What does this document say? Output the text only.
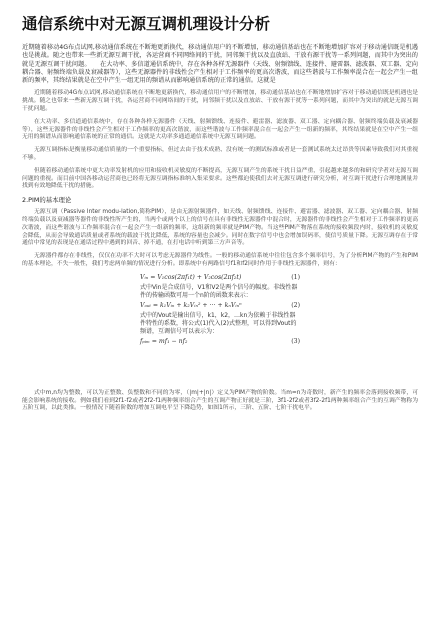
通信系统中对无源互调机理设计分析

近期随着移动4G布点试网,移动通信系统在不断地更新换代，移动通信用户的不断增加，移动通信基站也在不断地增加扩容对于移动通信既是机遇也是挑战。随之也带来一些新无源互调干扰，各运营商不同网络间的干扰，同邻频干扰以及直放站、干放有源干扰等一系列问题，而其中为突出的就是无源互调干扰问题。　　在大功率、多信道通信系统中，存在各种各样无源器件（天线、射频馈线、连接件、避雷器、滤波器、双工器、定向耦合器、射频终端负载及衰减器等），这些无源器件的非线性会产生相对于工作频率的更高次谐波，而这些谐波与工作频率混合在一起会产生一组新的频率，其终结果就是在空中产生一组无用的频谱从而影响通信系统的正常的通信。这就是

近期随着移动4G布点试网,移动通信系统在不断地更新换代，移动通信用户的不断增加，移动通信基站也在不断地增加扩容对于移动通信既是机遇也是挑战。随之也带来一些新无源互调干扰，各运营商不同网络间的干扰，同邻频干扰以及直放站、干放有源干扰等一系列问题，而其中为突出的就是无源互调干扰问题。

在大功率、多信道通信系统中，存在各种各样无源器件（天线、射频馈线、连接件、避雷器、滤波器、双工器、定向耦合器、射频终端负载及衰减器等），这些无源器件的非线性会产生相对于工作频率的更高次谐波，而这些谐波与工作频率混合在一起会产生一组新的频率，其终结果就是在空中产生一组无用的频谱从而影响通信系统的正常的通信。这就是大功率多通道通信系统中无源互调问题。

无源互调指标是衡量移动通信质量的一个重要指标，但过去由于技术成熟、没有统一的测试标准或者是一套测试系统太过昂贵等因素导致我们对其重视不够。

但随着移动通信系统中更大功率发射机的应用和接收机灵敏度的不断提高，无源互调产生的系统干扰日益严重，引起越来越多的和研究学者对无源互调问题的重视。而目前中国各移动运营商也已经将无源互调指标准纳入集采要求。这些都迫使我们去对无源互调进行研究分析，对互调干扰进行合理地测量并找到有效地降低干扰的措施。

2.PIM的基本理论

无源互调（Passive Inter modu-lation,简称PIM），是由无源射频器件，如天线、射频馈线、连接件、避雷器、滤波器、双工器、定向耦合器、射频终端负载以及衰减器等器件的非线性所产生的，当两个或两个以上的信号在具有非线性无源器件中混合时，无源器件的非线性会产生相对于工作频率的更高次谐波，而这些谐波与工作频率混合在一起会产生一组新的频率，这组新的频率就是PIM产物。当这些PIM产物落在系统的接收频段内时，接收机的灵敏度会降低，从而会导致通话质量或者系统的载波干扰比降低，系统的容量也会减少。同时在数字信号中也会增加误码率，使信号质量下降。无源互调存在于常通信中常见的表现是在通话过程中遇到的回音、掉不通，在打电话中听到第三方声音等。

无源器件都存在非线性，仅仅在功率不大时可以考虑无源器件为线性。一般的移动通信系统中往往包含多个频率信号，为了分析PIM产物的产生和PIM的基本理论，不失一般性，我们考虑两单频的情况进行分析。即系统中有两路信号f1和f2同时作用于非线性无源器件，则有：

Vᵢₙ = V₁cos(2πf₁t) + V₂cos(2πf₂t)	(1)
式中Vin是合成信号，V1和V2是两个信号的幅度。非线性器件的传输函数可用一个n阶的函数来表示：
Vₒᵤₜ = k₁Vᵢₙ + k₂Vᵢₙ² + ··· + kₙVᵢₙⁿ	(2)
式中的Vout是输出信号，k1，k2，…kn为依赖于非线性器件特性的系数，将公式(1)代入(2)式整理，可以得到Vout的频谱，互调信号可以表示为：
fₚᵢₘ = mf₁ − nf₂	(3)

式中m,n均为整数，可以为正整数、负整数和不同的为零，（|m|+|n|）定义为PIM产物的阶数。当m=n为奇数时，新产生的频率会落到接收频带，可能会影响系统的接收。例如我们看到2f1-f2或者2f2-f1两种频率组合产生的互调产物正好就是三阶，3f1-2f2或者3f2-2f1两种频率组合产生的互调产物称为五阶互调，以此类推。一般情况下随着阶数的增加互调电平呈下降趋势，如图1所示，三阶、五阶、七阶干扰电平。
